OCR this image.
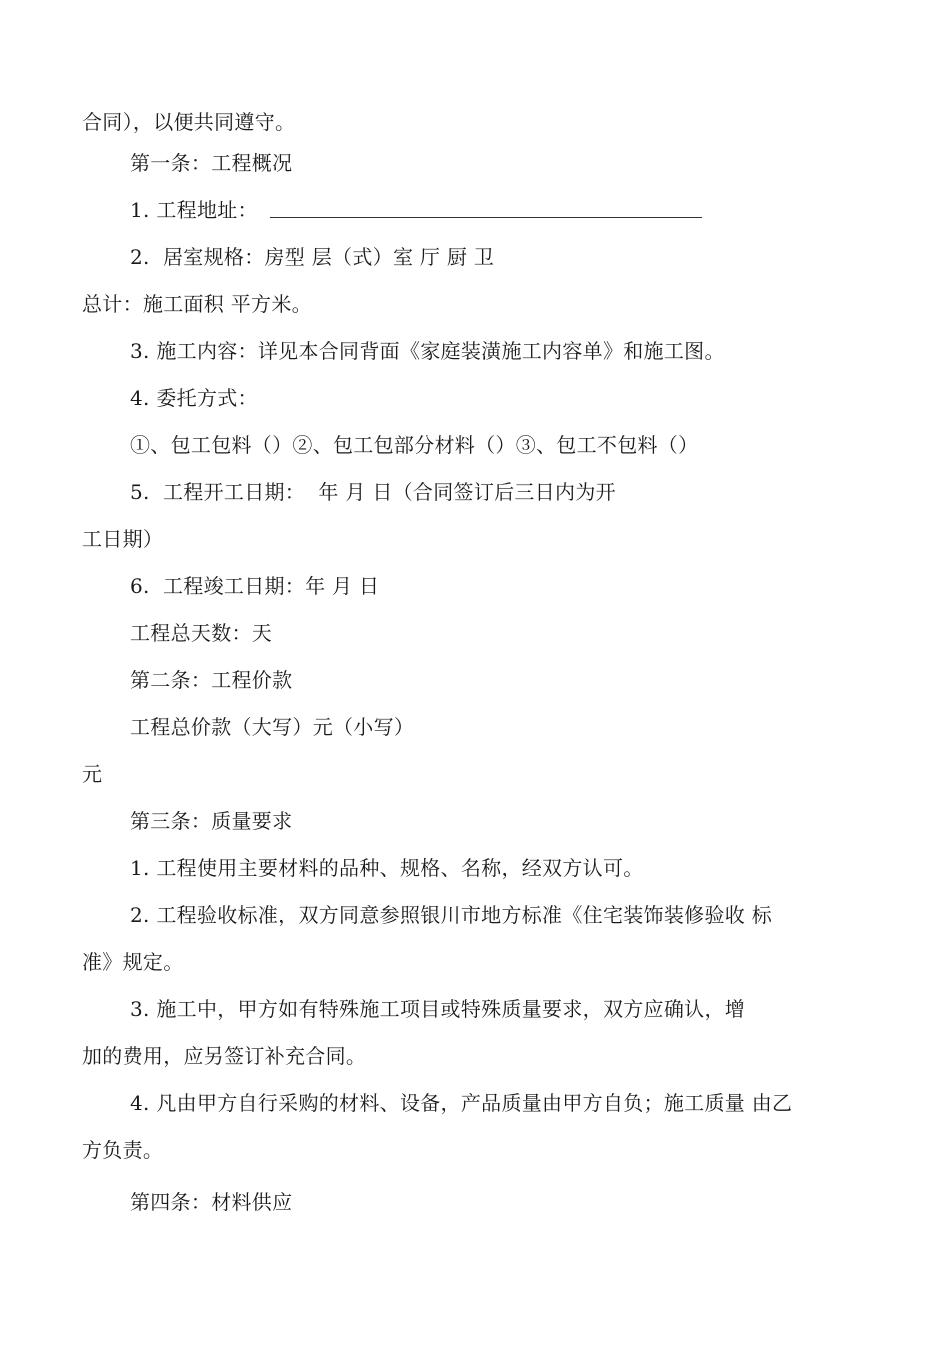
合同），以便共同遵守。
第一条：工程概况
1. 工程地址：
2.  居室规格：房型 层（式）室 厅 厨 卫
总计：施工面积 平方米。
3. 施工内容：详见本合同背面《家庭装潢施工内容单》和施工图。
4. 委托方式：
①、包工包料（）②、包工包部分材料（）③、包工不包料（）
5.  工程开工日期：  年 月 日（合同签订后三日内为开
工日期）
6.  工程竣工日期：年 月 日
工程总天数：天
第二条：工程价款
工程总价款（大写）元（小写）
元
第三条：质量要求
1. 工程使用主要材料的品种、规格、名称，经双方认可。
2. 工程验收标准，双方同意参照银川市地方标准《住宅装饰装修验收 标
准》规定。
3. 施工中，甲方如有特殊施工项目或特殊质量要求，双方应确认，增
加的费用，应另签订补充合同。
4. 凡由甲方自行采购的材料、设备，产品质量由甲方自负；施工质量 由乙
方负责。
第四条：材料供应
